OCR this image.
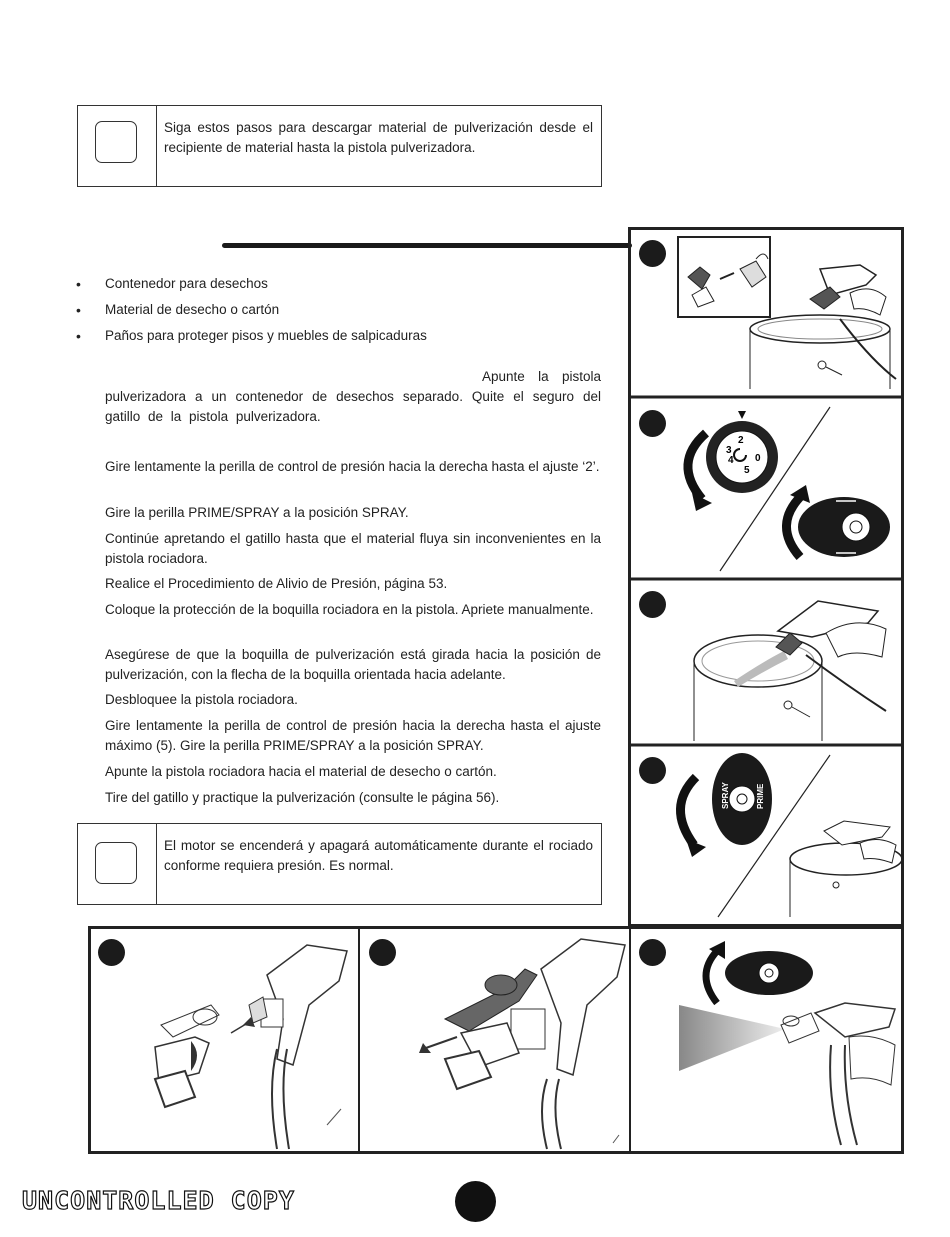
Siga estos pasos para descargar material de pulverización desde el recipiente de material hasta la pistola pulverizadora.
• Contenedor para desechos
• Material de desecho o cartón
• Paños para proteger pisos y muebles de salpicaduras
Apunte la pistola pulverizadora a un contenedor de desechos separado. Quite el seguro del gatillo de la pistola pulverizadora.
Gire lentamente la perilla de control de presión hacia la derecha hasta el ajuste ‘2’.
Gire la perilla PRIME/SPRAY a la posición SPRAY.
Continúe apretando el gatillo hasta que el material fluya sin inconvenientes en la pistola rociadora.
Realice el Procedimiento de Alivio de Presión, página 53.
Coloque la protección de la boquilla rociadora en la pistola. Apriete manualmente.
Asegúrese de que la boquilla de pulverización está girada hacia la posición de pulverización, con la flecha de la boquilla orientada hacia adelante.
Desbloquee la pistola rociadora.
Gire lentamente la perilla de control de presión hacia la derecha hasta el ajuste máximo (5). Gire la perilla PRIME/SPRAY a la posición SPRAY.
Apunte la pistola rociadora hacia el material de desecho o cartón.
Tire del gatillo y practique la pulverización (consulte le página 56).
El motor se encenderá y apagará automáticamente durante el rociado conforme requiera presión. Es normal.
2
3
4
5
0
SPRAY	PRIME
UNCONTROLLED COPY
